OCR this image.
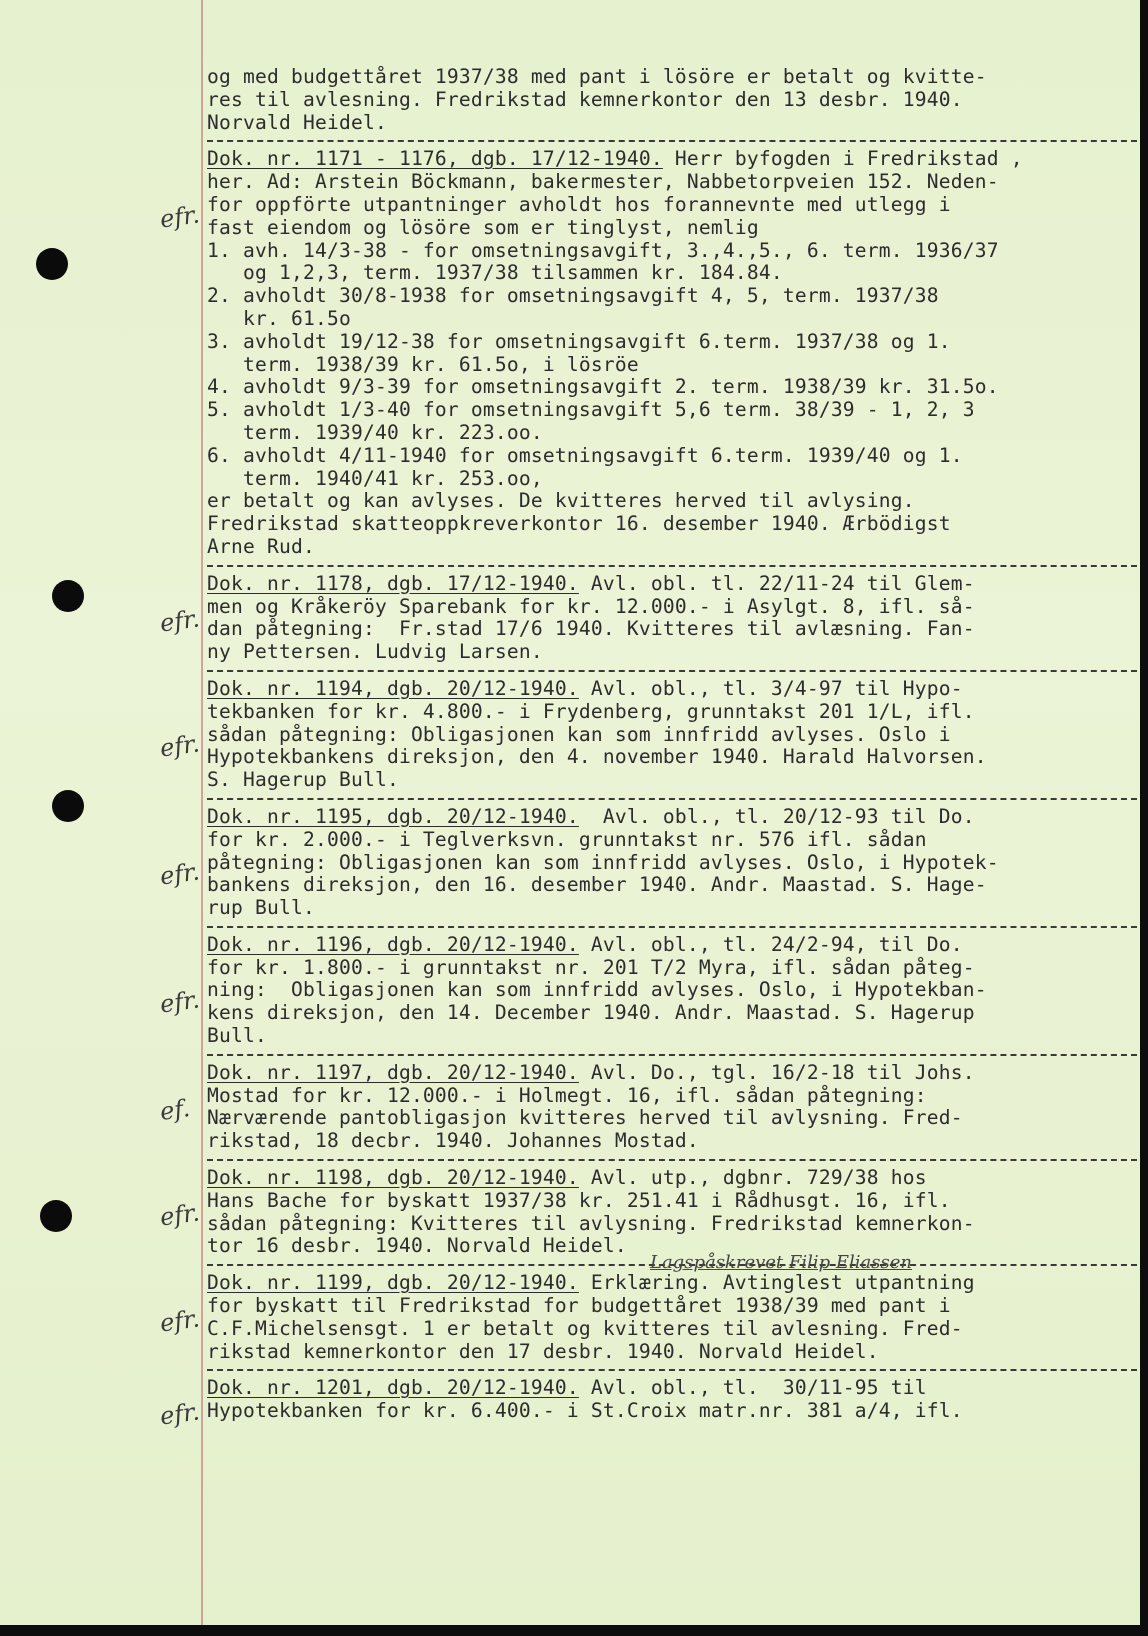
og med budgettåret 1937/38 med pant i lösöre er betalt og kvitte-
res til avlesning. Fredrikstad kemnerkontor den 13 desbr. 1940.
Norvald Heidel.
Dok. nr. 1171 - 1176, dgb. 17/12-1940. Herr byfogden i Fredrikstad ,
her. Ad: Arstein Böckmann, bakermester, Nabbetorpveien 152. Neden-
for oppförte utpantninger avholdt hos forannevnte med utlegg i
fast eiendom og lösöre som er tinglyst, nemlig
1. avh. 14/3-38 - for omsetningsavgift, 3.,4.,5., 6. term. 1936/37
og 1,2,3, term. 1937/38 tilsammen kr. 184.84.
2. avholdt 30/8-1938 for omsetningsavgift 4, 5, term. 1937/38
kr. 61.5o
3. avholdt 19/12-38 for omsetningsavgift 6.term. 1937/38 og 1.
term. 1938/39 kr. 61.5o, i lösröe
4. avholdt 9/3-39 for omsetningsavgift 2. term. 1938/39 kr. 31.5o.
5. avholdt 1/3-40 for omsetningsavgift 5,6 term. 38/39 - 1, 2, 3
term. 1939/40 kr. 223.oo.
6. avholdt 4/11-1940 for omsetningsavgift 6.term. 1939/40 og 1.
term. 1940/41 kr. 253.oo,
er betalt og kan avlyses. De kvitteres herved til avlysing.
Fredrikstad skatteoppkreverkontor 16. desember 1940. Ærbödigst
Arne Rud.
Dok. nr. 1178, dgb. 17/12-1940. Avl. obl. tl. 22/11-24 til Glem-
men og Kråkeröy Sparebank for kr. 12.000.- i Asylgt. 8, ifl. så-
dan påtegning:  Fr.stad 17/6 1940. Kvitteres til avlæsning. Fan-
ny Pettersen. Ludvig Larsen.
Dok. nr. 1194, dgb. 20/12-1940. Avl. obl., tl. 3/4-97 til Hypo-
tekbanken for kr. 4.800.- i Frydenberg, grunntakst 201 1/L, ifl.
sådan påtegning: Obligasjonen kan som innfridd avlyses. Oslo i
Hypotekbankens direksjon, den 4. november 1940. Harald Halvorsen.
S. Hagerup Bull.
Dok. nr. 1195, dgb. 20/12-1940.  Avl. obl., tl. 20/12-93 til Do.
for kr. 2.000.- i Teglverksvn. grunntakst nr. 576 ifl. sådan
påtegning: Obligasjonen kan som innfridd avlyses. Oslo, i Hypotek-
bankens direksjon, den 16. desember 1940. Andr. Maastad. S. Hage-
rup Bull.
Dok. nr. 1196, dgb. 20/12-1940. Avl. obl., tl. 24/2-94, til Do.
for kr. 1.800.- i grunntakst nr. 201 T/2 Myra, ifl. sådan påteg-
ning:  Obligasjonen kan som innfridd avlyses. Oslo, i Hypotekban-
kens direksjon, den 14. December 1940. Andr. Maastad. S. Hagerup
Bull.
Dok. nr. 1197, dgb. 20/12-1940. Avl. Do., tgl. 16/2-18 til Johs.
Mostad for kr. 12.000.- i Holmegt. 16, ifl. sådan påtegning:
Nærværende pantobligasjon kvitteres herved til avlysning. Fred-
rikstad, 18 decbr. 1940. Johannes Mostad.
Dok. nr. 1198, dgb. 20/12-1940. Avl. utp., dgbnr. 729/38 hos
Hans Bache for byskatt 1937/38 kr. 251.41 i Rådhusgt. 16, ifl.
sådan påtegning: Kvitteres til avlysning. Fredrikstad kemnerkon-
tor 16 desbr. 1940. Norvald Heidel.
Dok. nr. 1199, dgb. 20/12-1940. Erklæring. Avtinglest utpantning
for byskatt til Fredrikstad for budgettåret 1938/39 med pant i
C.F.Michelsensgt. 1 er betalt og kvitteres til avlesning. Fred-
rikstad kemnerkontor den 17 desbr. 1940. Norvald Heidel.
Dok. nr. 1201, dgb. 20/12-1940. Avl. obl., tl.  30/11-95 til
Hypotekbanken for kr. 6.400.- i St.Croix matr.nr. 381 a/4, ifl.
efr.
efr.
efr.
efr.
efr.
ef.
efr.
Lagspåskrevet Filip Eliassen
efr.
efr.
